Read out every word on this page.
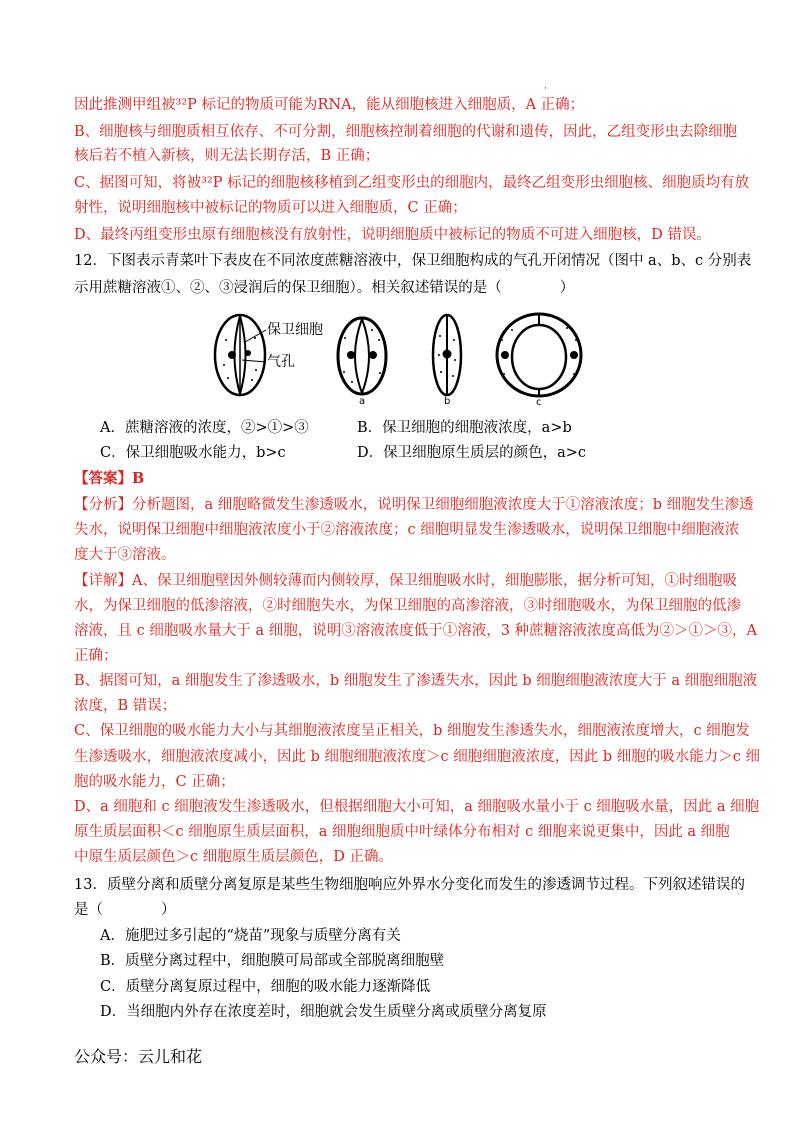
·
因此推测甲组被³²P 标记的物质可能为RNA，能从细胞核进入细胞质，A 正确；
B、细胞核与细胞质相互依存、不可分割，细胞核控制着细胞的代谢和遗传，因此，乙组变形虫去除细胞
核后若不植入新核，则无法长期存活，B 正确；
C、据图可知，将被³²P 标记的细胞核移植到乙组变形虫的细胞内，最终乙组变形虫细胞核、细胞质均有放
射性，说明细胞核中被标记的物质可以进入细胞质，C 正确；
D、最终丙组变形虫原有细胞核没有放射性，说明细胞质中被标记的物质不可进入细胞核，D 错误。
12．下图表示青菜叶下表皮在不同浓度蔗糖溶液中，保卫细胞构成的气孔开闭情况（图中 a、b、c 分别表
示用蔗糖溶液①、②、③浸润后的保卫细胞）。相关叙述错误的是（　　　　）
保卫细胞
气孔
a	b	c
A．蔗糖溶液的浓度，②>①>③	B．保卫细胞的细胞液浓度，a>b
C．保卫细胞吸水能力，b>c	D．保卫细胞原生质层的颜色，a>c
【答案】B
【分析】分析题图，a 细胞略微发生渗透吸水，说明保卫细胞细胞液浓度大于①溶液浓度；b 细胞发生渗透
失水，说明保卫细胞中细胞液浓度小于②溶液浓度；c 细胞明显发生渗透吸水，说明保卫细胞中细胞液浓
度大于③溶液。
【详解】A、保卫细胞壁因外侧较薄而内侧较厚，保卫细胞吸水时，细胞膨胀，据分析可知，①时细胞吸
水，为保卫细胞的低渗溶液，②时细胞失水，为保卫细胞的高渗溶液，③时细胞吸水，为保卫细胞的低渗
溶液，且 c 细胞吸水量大于 a 细胞，说明③溶液浓度低于①溶液，3 种蔗糖溶液浓度高低为②＞①＞③，A
正确；
B、据图可知，a 细胞发生了渗透吸水，b 细胞发生了渗透失水，因此 b 细胞细胞液浓度大于 a 细胞细胞液
浓度，B 错误；
C、保卫细胞的吸水能力大小与其细胞液浓度呈正相关，b 细胞发生渗透失水，细胞液浓度增大，c 细胞发
生渗透吸水，细胞液浓度减小，因此 b 细胞细胞液浓度＞c 细胞细胞液浓度，因此 b 细胞的吸水能力＞c 细
胞的吸水能力，C 正确；
D、a 细胞和 c 细胞液发生渗透吸水，但根据细胞大小可知，a 细胞吸水量小于 c 细胞吸水量，因此 a 细胞
原生质层面积＜c 细胞原生质层面积，a 细胞细胞质中叶绿体分布相对 c 细胞来说更集中，因此 a 细胞
中原生质层颜色＞c 细胞原生质层颜色，D 正确。
13．质壁分离和质壁分离复原是某些生物细胞响应外界水分变化而发生的渗透调节过程。下列叙述错误的
是（　　　　）
A．施肥过多引起的“烧苗”现象与质壁分离有关
B．质壁分离过程中，细胞膜可局部或全部脱离细胞壁
C．质壁分离复原过程中，细胞的吸水能力逐渐降低
D．当细胞内外存在浓度差时，细胞就会发生质壁分离或质壁分离复原
公众号：云儿和花
